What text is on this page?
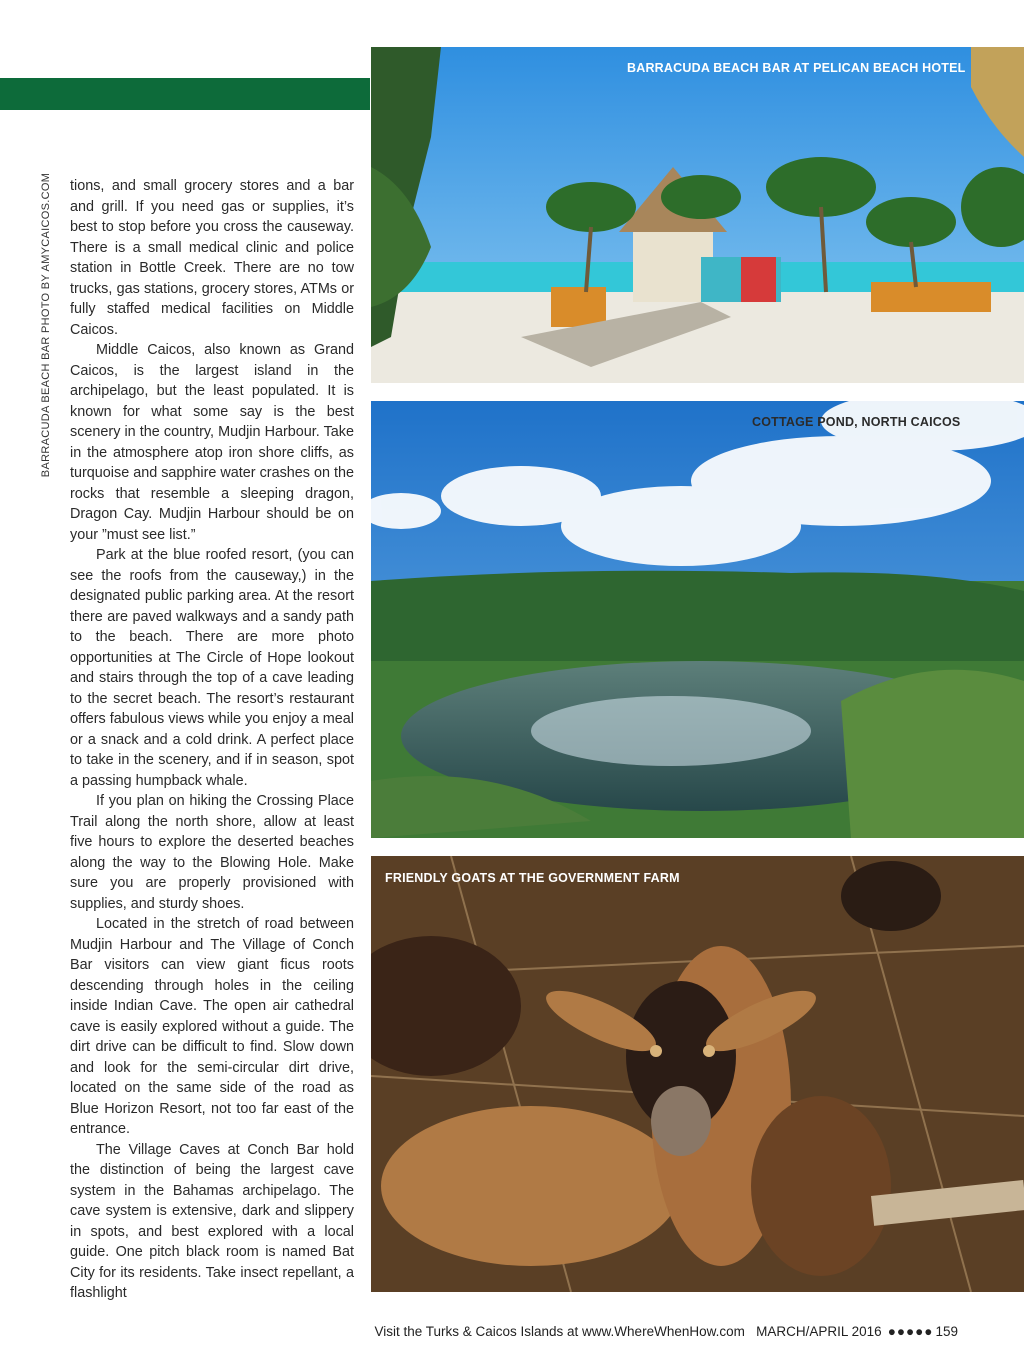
BARRACUDA BEACH BAR PHOTO BY AMYCAICOS.COM tions, and small grocery stores and a bar and grill. If you need gas or supplies, it’s best to stop before you cross the causeway. There is a small medical clinic and police station in Bottle Creek. There are no tow trucks, gas stations, grocery stores, ATMs or fully staffed medical facilities on Middle Caicos.

Middle Caicos, also known as Grand Caicos, is the largest island in the archipelago, but the least populated. It is known for what some say is the best scenery in the country, Mudjin Harbour. Take in the atmosphere atop iron shore cliffs, as turquoise and sapphire water crashes on the rocks that resemble a sleeping dragon, Dragon Cay. Mudjin Harbour should be on your ”must see list.”

Park at the blue roofed resort, (you can see the roofs from the causeway,) in the designated public parking area. At the resort there are paved walkways and a sandy path to the beach. There are more photo opportunities at The Circle of Hope lookout and stairs through the top of a cave leading to the secret beach. The resort’s restaurant offers fabulous views while you enjoy a meal or a snack and a cold drink. A perfect place to take in the scenery, and if in season, spot a passing humpback whale.

If you plan on hiking the Crossing Place Trail along the north shore, allow at least five hours to explore the deserted beaches along the way to the Blowing Hole. Make sure you are properly provisioned with supplies, and sturdy shoes.

Located in the stretch of road between Mudjin Harbour and The Village of Conch Bar visitors can view giant ficus roots descending through holes in the ceiling inside Indian Cave. The open air cathedral cave is easily explored without a guide. The dirt drive can be difficult to find. Slow down and look for the semi-circular dirt drive, located on the same side of the road as Blue Horizon Resort, not too far east of the entrance.

The Village Caves at Conch Bar hold the distinction of being the largest cave system in the Bahamas archipelago. The cave system is extensive, dark and slippery in spots, and best explored with a local guide. One pitch black room is named Bat City for its residents. Take insect repellant, a flashlight

BARRACUDA BEACH BAR AT PELICAN BEACH HOTEL
COTTAGE POND, NORTH CAICOS
FRIENDLY GOATS AT THE GOVERNMENT FARM
Visit the Turks & Caicos Islands at www.WhereWhenHow.com MARCH/APRIL 2016 ●●●●● 159
